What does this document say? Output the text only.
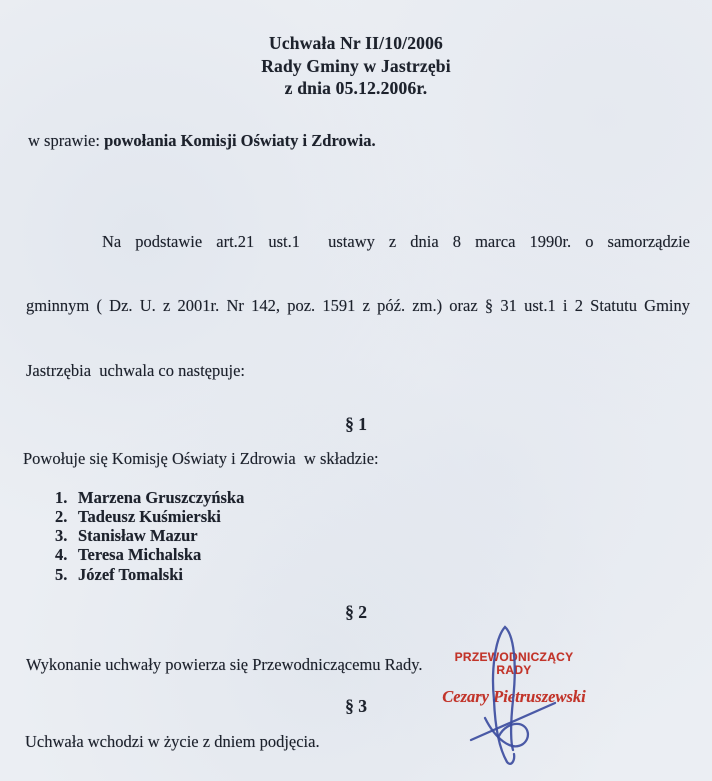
Uchwała Nr II/10/2006
Rady Gminy w Jastrzębi
z dnia 05.12.2006r.

w sprawie: powołania Komisji Oświaty i Zdrowia.

Na podstawie art.21 ust.1  ustawy z dnia 8 marca 1990r. o samorządzie

gminnym ( Dz. U. z 2001r. Nr 142, poz. 1591 z póź. zm.) oraz § 31 ust.1 i 2 Statutu Gminy

Jastrzębia  uchwala co następuje:

§ 1

Powołuje się Komisję Oświaty i Zdrowia  w składzie:

1. Marzena Gruszczyńska
2. Tadeusz Kuśmierski
3. Stanisław Mazur
4. Teresa Michalska
5. Józef Tomalski
§ 2

Wykonanie uchwały powierza się Przewodniczącemu Rady.

§ 3

Uchwała wchodzi w życie z dniem podjęcia.

PRZEWODNICZĄCY
RADY
Cezary Pietruszewski
